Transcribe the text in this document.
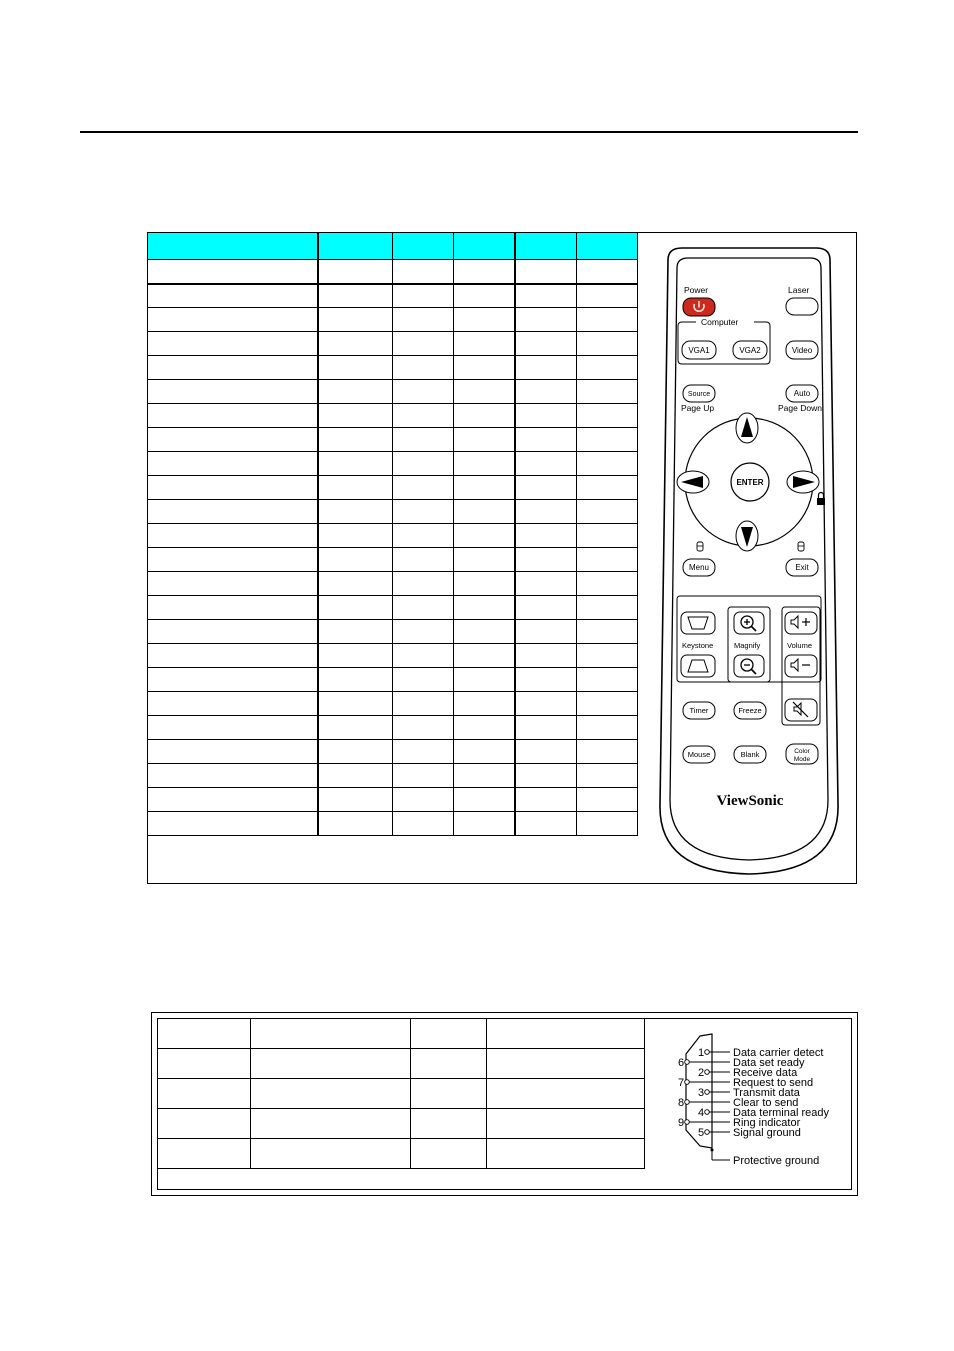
Power	Laser
Computer
VGA1	VGA2	Video
Source
Page Up
Auto
Page Down
ENTER
Menu	Exit
Keystone	Magnify	Volume
Timer	Freeze
Mouse	Blank	Color
Mode
ViewSonic

1	Data carrier detect
6	Data set ready
2	Receive data
7	Request to send
3	Transmit data
8	Clear to send
4	Data terminal ready
9	Ring indicator
5	Signal ground
Protective ground
